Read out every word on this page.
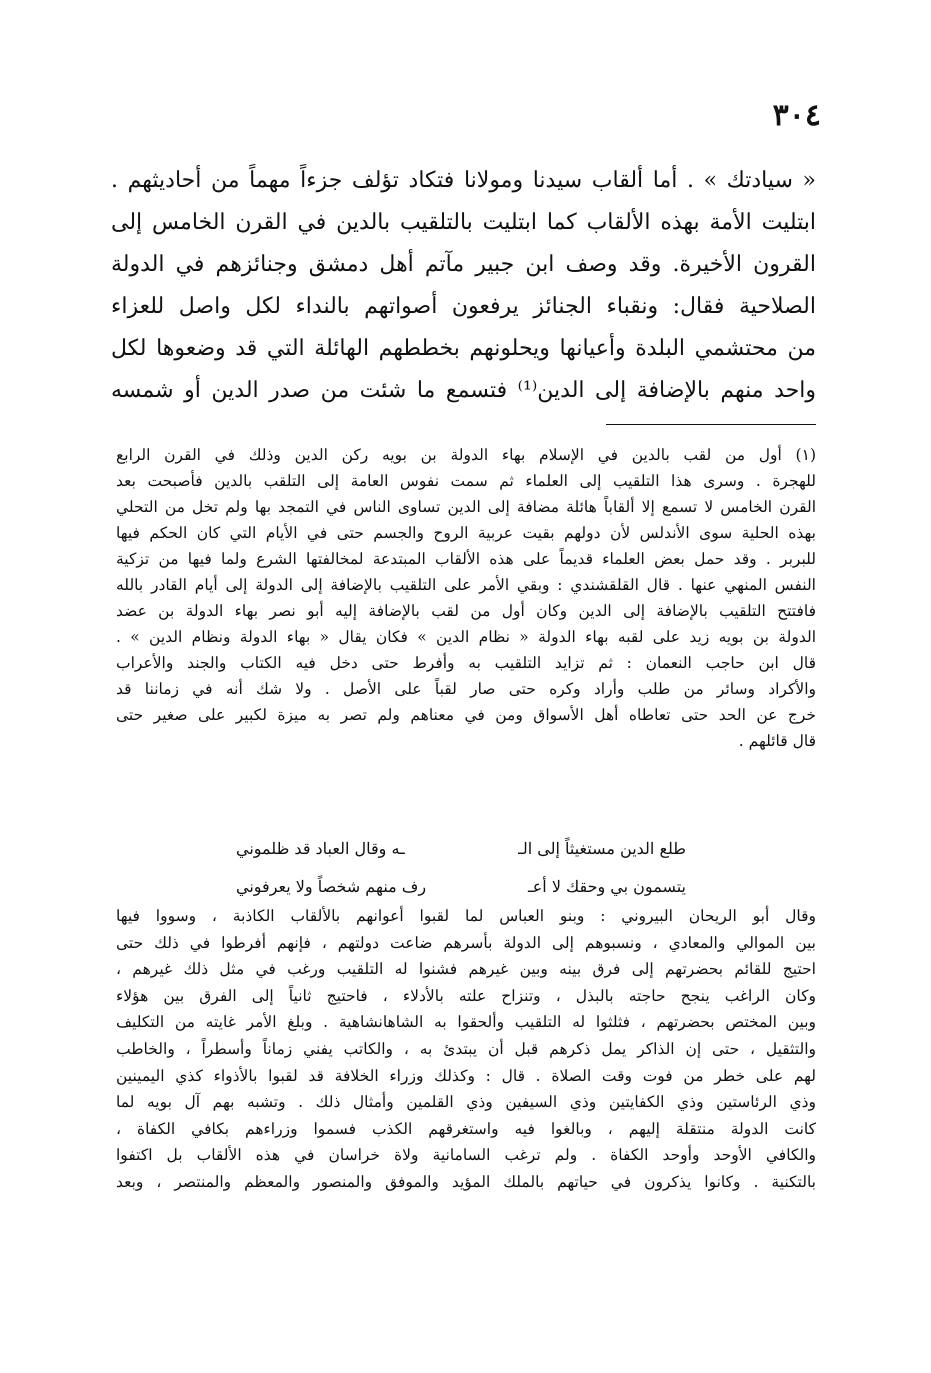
٣٠٤

« سيادتك » . أما ألقاب سيدنا ومولانا فتكاد تؤلف جزءاً مهماً من أحاديثهم .
ابتليت الأمة بهذه الألقاب كما ابتليت بالتلقيب بالدين في القرن الخامس إلى
القرون الأخيرة. وقد وصف ابن جبير مآتم أهل دمشق وجنائزهم في الدولة
الصلاحية فقال: ونقباء الجنائز يرفعون أصواتهم بالنداء لكل واصل للعزاء
من محتشمي البلدة وأعيانها ويحلونهم بخططهم الهائلة التي قد وضعوها لكل
واحد منهم بالإضافة إلى الدين⁽¹⁾ فتسمع ما شئت من صدر الدين أو شمسه
(١) أول من لقب بالدين في الإسلام بهاء الدولة بن بويه ركن الدين وذلك في القرن الرابع
للهجرة . وسرى هذا التلقيب إلى العلماء ثم سمت نفوس العامة إلى التلقب بالدين فأصبحت بعد
القرن الخامس لا تسمع إلا ألقاباً هائلة مضافة إلى الدين تساوى الناس في التمجد بها ولم تخل من التحلي
بهذه الحلية سوى الأندلس لأن دولهم بقيت عربية الروح والجسم حتى في الأيام التي كان الحكم فيها
للبربر . وقد حمل بعض العلماء قديماً على هذه الألقاب المبتدعة لمخالفتها الشرع ولما فيها من تزكية
النفس المنهي عنها . قال القلقشندي : وبقي الأمر على التلقيب بالإضافة إلى الدولة إلى أيام القادر بالله
فافتتح التلقيب بالإضافة إلى الدين وكان أول من لقب بالإضافة إليه أبو نصر بهاء الدولة بن عضد
الدولة بن بويه زيد على لقبه بهاء الدولة « نظام الدين » فكان يقال « بهاء الدولة ونظام الدين » .
قال ابن حاجب النعمان : ثم تزايد التلقيب به وأفرط حتى دخل فيه الكتاب والجند والأعراب
والأكراد وسائر من طلب وأراد وكره حتى صار لقباً على الأصل . ولا شك أنه في زماننا قد
خرج عن الحد حتى تعاطاه أهل الأسواق ومن في معناهم ولم تصر به ميزة لكبير على صغير حتى
قال قائلهم .
طلع الدين مستغيثاً إلى الـ
ـه وقال العباد قد ظلموني
يتسمون بي وحقك لا أعـ
رف منهم شخصاً ولا يعرفوني
وقال أبو الريحان البيروني : وبنو العباس لما لقبوا أعوانهم بالألقاب الكاذبة ، وسووا فيها
بين الموالي والمعادي ، ونسبوهم إلى الدولة بأسرهم ضاعت دولتهم ، فإنهم أفرطوا في ذلك حتى
احتيج للقائم بحضرتهم إلى فرق بينه وبين غيرهم فشنوا له التلقيب ورغب في مثل ذلك غيرهم ،
وكان الراغب ينجح حاجته بالبذل ، وتنزاح علته بالأدلاء ، فاحتيج ثانياً إلى الفرق بين هؤلاء
وبين المختص بحضرتهم ، فثلثوا له التلقيب وألحقوا به الشاهانشاهية . وبلغ الأمر غايته من التكليف
والتثقيل ، حتى إن الذاكر يمل ذكرهم قبل أن يبتدئ به ، والكاتب يفني زماناً وأسطراً ، والخاطب
لهم على خطر من فوت وقت الصلاة . قال : وكذلك وزراء الخلافة قد لقبوا بالأذواء كذي اليمينين
وذي الرئاستين وذي الكفايتين وذي السيفين وذي القلمين وأمثال ذلك . وتشبه بهم آل بويه لما
كانت الدولة منتقلة إليهم ، وبالغوا فيه واستغرقهم الكذب فسموا وزراءهم بكافي الكفاة ،
والكافي الأوحد وأوحد الكفاة . ولم ترغب السامانية ولاة خراسان في هذه الألقاب بل اكتفوا
بالتكنية . وكانوا يذكرون في حياتهم بالملك المؤيد والموفق والمنصور والمعظم والمنتصر ، وبعد
